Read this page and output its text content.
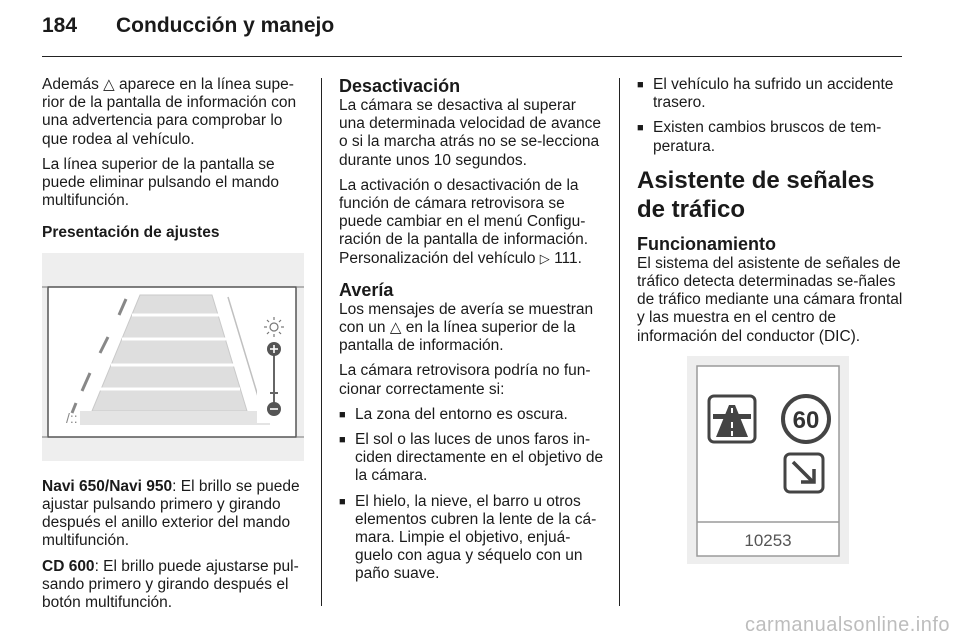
184 Conducción y manejo

Además △ aparece en la línea supe-rior de la pantalla de información con una advertencia para comprobar lo que rodea al vehículo.

La línea superior de la pantalla se puede eliminar pulsando el mando multifunción.

Presentación de ajustes

/::

Navi 650/Navi 950: El brillo se puede ajustar pulsando primero y girando después el anillo exterior del mando multifunción.

CD 600: El brillo puede ajustarse pul-sando primero y girando después el botón multifunción.

Desactivación

La cámara se desactiva al superar una determinada velocidad de avance o si la marcha atrás no se se-lecciona durante unos 10 segundos.

La activación o desactivación de la función de cámara retrovisora se puede cambiar en el menú Configu-ración de la pantalla de información. Personalización del vehículo ▷ 111.

Avería

Los mensajes de avería se muestran con un △ en la línea superior de la pantalla de información.

La cámara retrovisora podría no fun-cionar correctamente si:

■ La zona del entorno es oscura.
■ El sol o las luces de unos faros in-ciden directamente en el objetivo de la cámara.
■ El hielo, la nieve, el barro u otros elementos cubren la lente de la cá-mara. Limpie el objetivo, enjuá-guelo con agua y séquelo con un paño suave.
■ El vehículo ha sufrido un accidente trasero.
■ Existen cambios bruscos de tem-peratura.
Asistente de señales de tráfico
Funcionamiento

El sistema del asistente de señales de tráfico detecta determinadas se-ñales de tráfico mediante una cámara frontal y las muestra en el centro de información del conductor (DIC).

60
10253
carmanualsonline.info
